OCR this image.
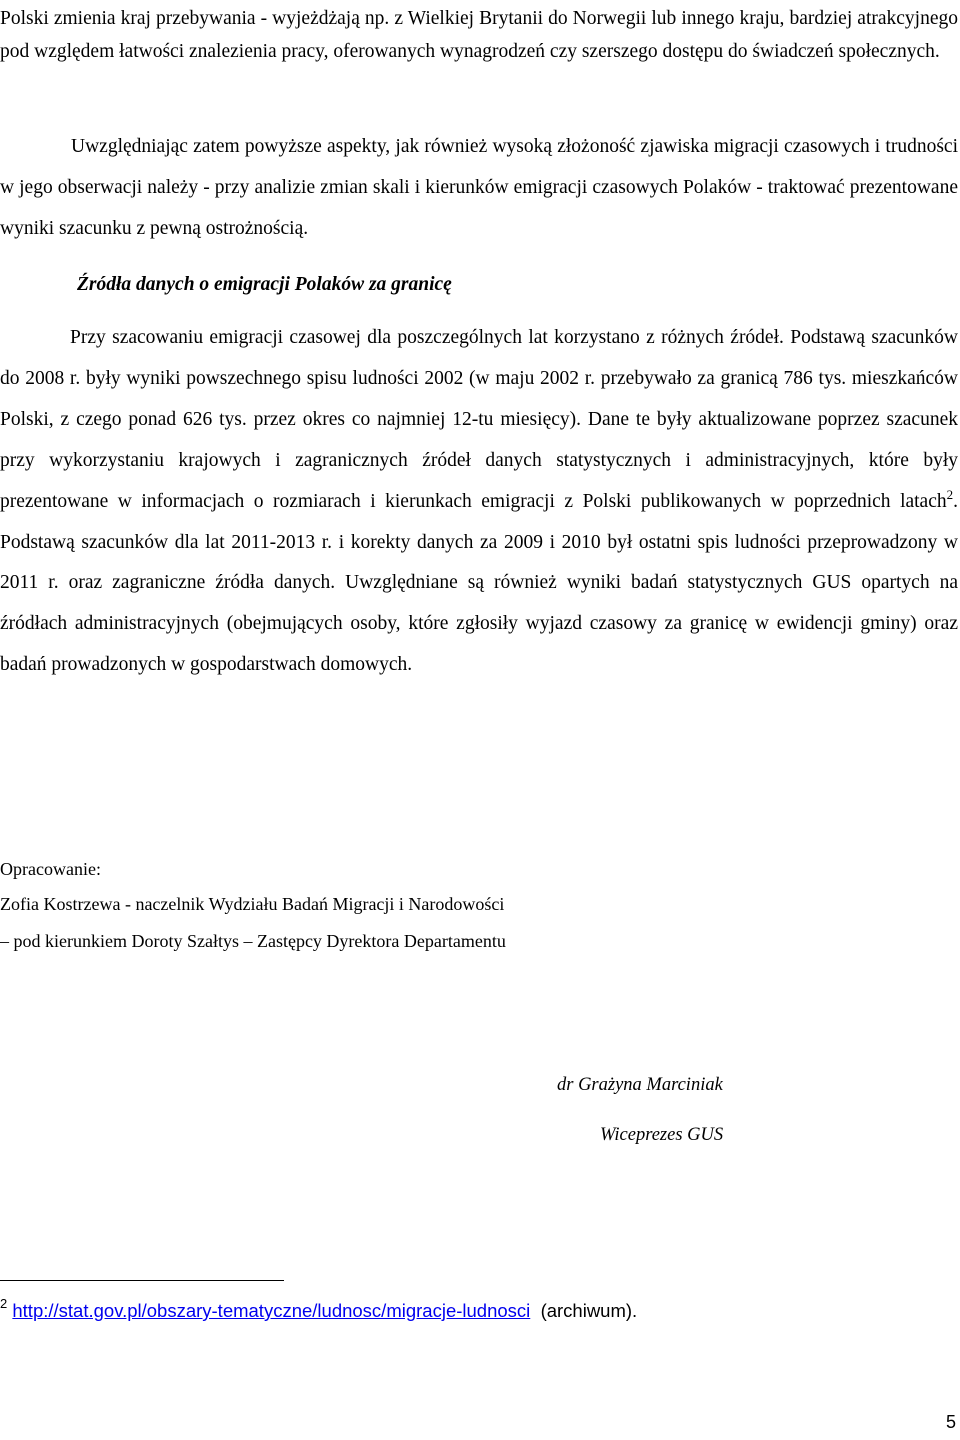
Polski zmienia kraj przebywania - wyjeżdżają np. z Wielkiej Brytanii do Norwegii lub innego kraju, bardziej atrakcyjnego pod względem łatwości znalezienia pracy, oferowanych wynagrodzeń czy szerszego dostępu do świadczeń społecznych.

Uwzględniając zatem powyższe aspekty, jak również wysoką złożoność zjawiska migracji czasowych i trudności w jego obserwacji należy - przy analizie zmian skali i kierunków emigracji czasowych Polaków - traktować prezentowane wyniki szacunku z pewną ostrożnością.

Źródła danych o emigracji Polaków za granicę

Przy szacowaniu emigracji czasowej dla poszczególnych lat korzystano z różnych źródeł. Podstawą szacunków do 2008 r. były wyniki powszechnego spisu ludności 2002 (w maju 2002 r. przebywało za granicą 786 tys. mieszkańców Polski, z czego ponad 626 tys. przez okres co najmniej 12-tu miesięcy). Dane te były aktualizowane poprzez szacunek przy wykorzystaniu krajowych i zagranicznych źródeł danych statystycznych i administracyjnych, które były prezentowane w informacjach o rozmiarach i kierunkach emigracji z Polski publikowanych w poprzednich latach$^2$. Podstawą szacunków dla lat 2011-2013 r. i korekty danych za 2009 i 2010 był ostatni spis ludności przeprowadzony w 2011 r. oraz zagraniczne źródła danych. Uwzględniane są również wyniki badań statystycznych GUS opartych na źródłach administracyjnych (obejmujących osoby, które zgłosiły wyjazd czasowy za granicę w ewidencji gminy) oraz badań prowadzonych w gospodarstwach domowych.

Opracowanie:

Zofia Kostrzewa - naczelnik Wydziału Badań Migracji i Narodowości

– pod kierunkiem Doroty Szałtys – Zastępcy Dyrektora Departamentu

dr Grażyna Marciniak

Wiceprezes GUS

$^2$ http://stat.gov.pl/obszary-tematyczne/ludnosc/migracje-ludnosci (archiwum).

5
